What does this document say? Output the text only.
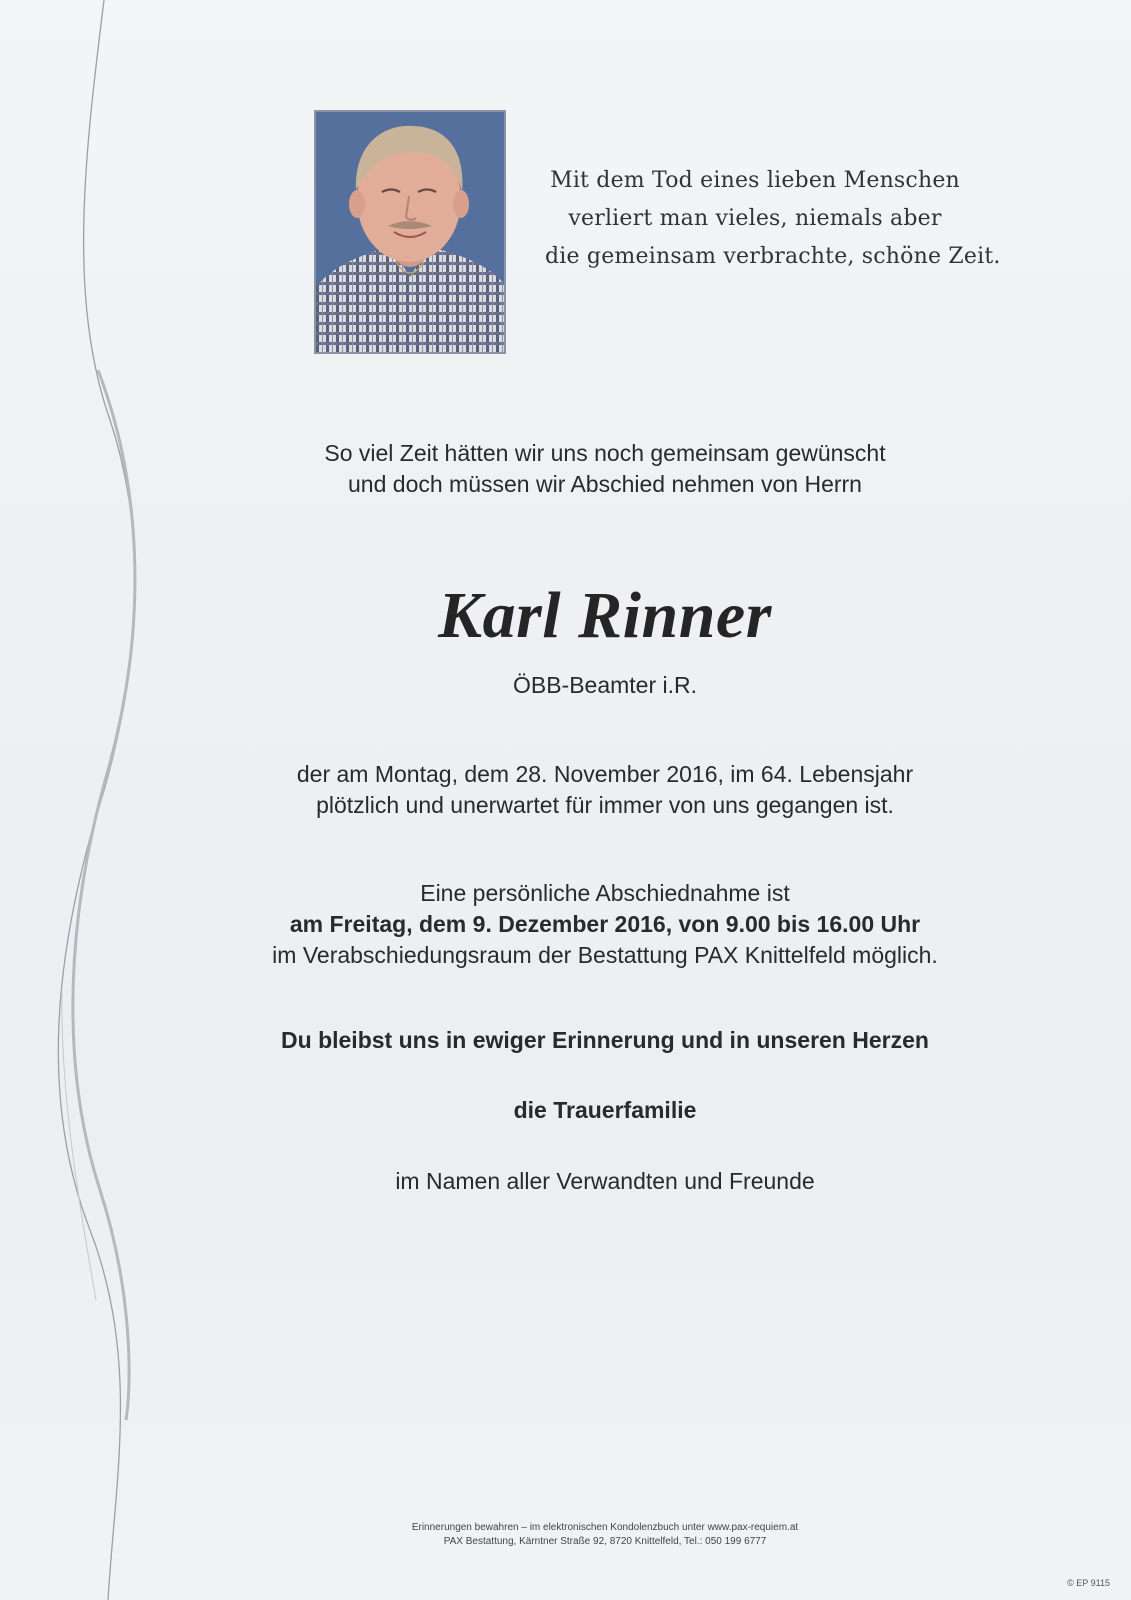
Mit dem Tod eines lieben Menschen
verliert man vieles, niemals aber
die gemeinsam verbrachte, schöne Zeit.
So viel Zeit hätten wir uns noch gemeinsam gewünscht
und doch müssen wir Abschied nehmen von Herrn
Karl Rinner
ÖBB-Beamter i.R.
der am Montag, dem 28. November 2016, im 64. Lebensjahr
plötzlich und unerwartet für immer von uns gegangen ist.
Eine persönliche Abschiednahme ist
am Freitag, dem 9. Dezember 2016, von 9.00 bis 16.00 Uhr
im Verabschiedungsraum der Bestattung PAX Knittelfeld möglich.
Du bleibst uns in ewiger Erinnerung und in unseren Herzen
die Trauerfamilie
im Namen aller Verwandten und Freunde
Erinnerungen bewahren – im elektronischen Kondolenzbuch unter www.pax-requiem.at
PAX Bestattung, Kärntner Straße 92, 8720 Knittelfeld, Tel.: 050 199 6777
© EP 9115
